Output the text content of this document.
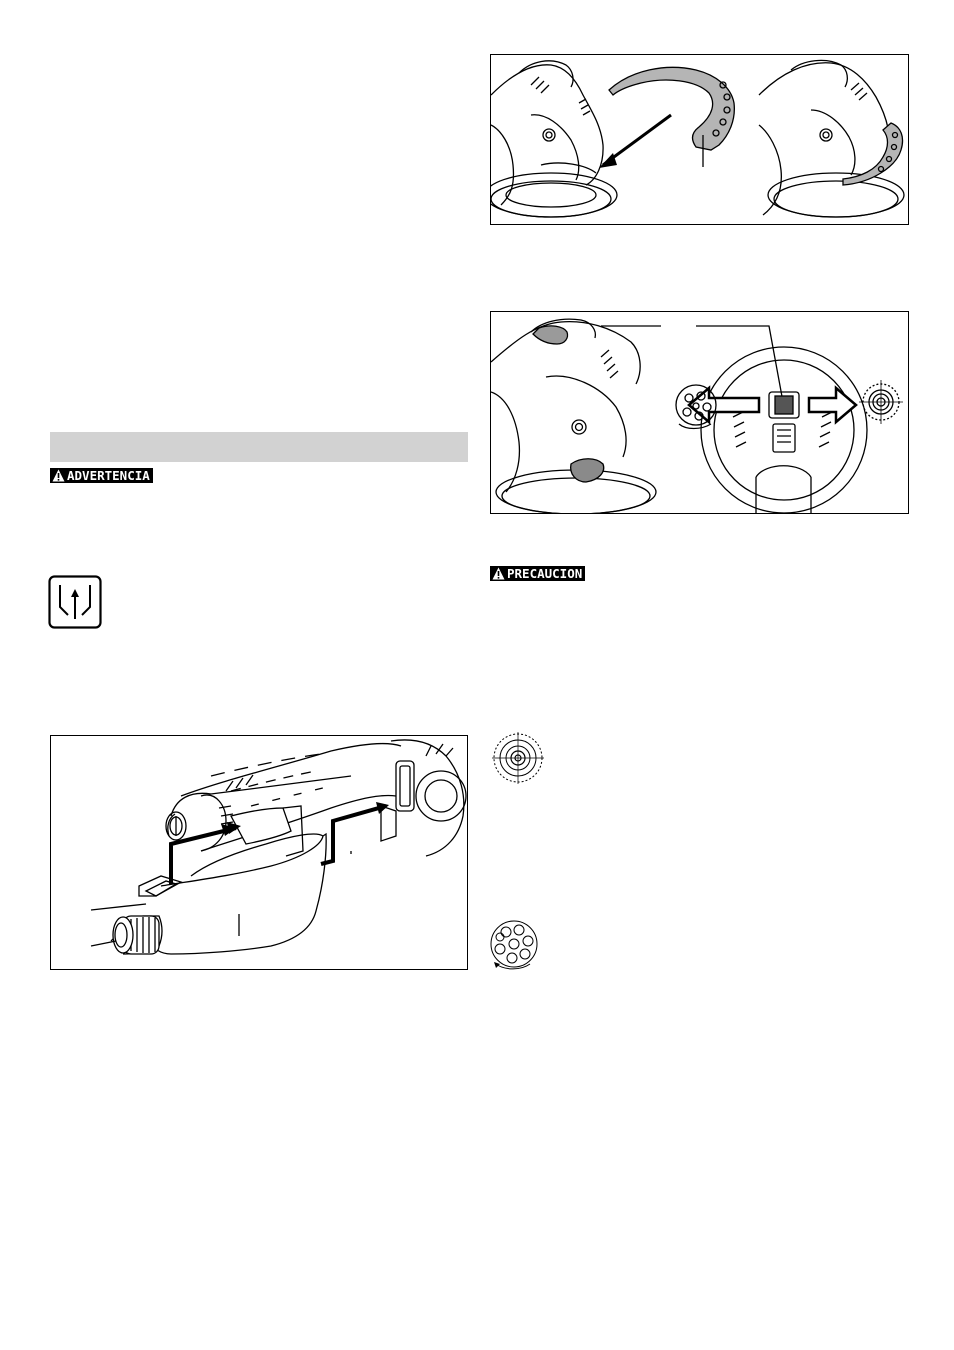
ADVERTENCIA
PRECAUCION
